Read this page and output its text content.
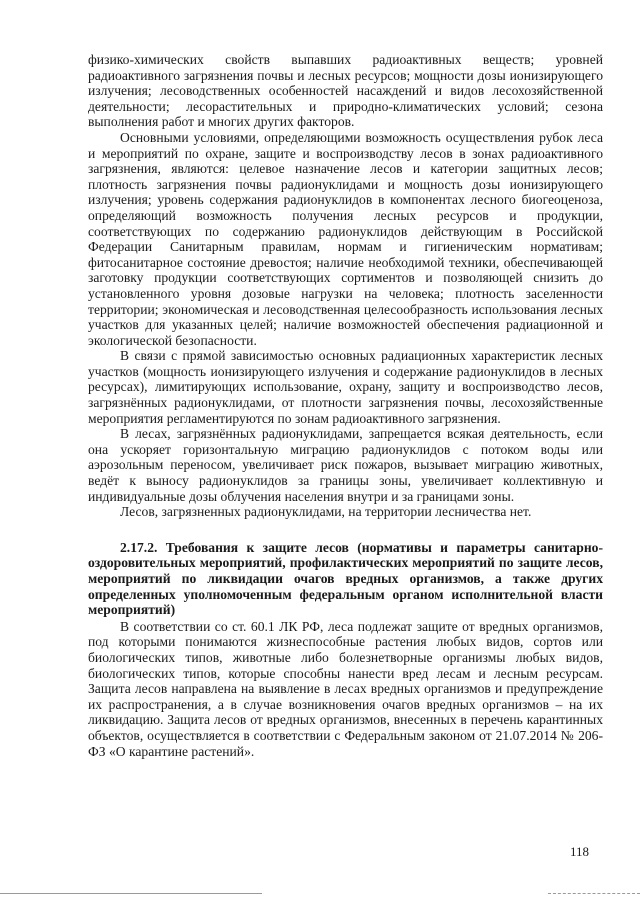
физико-химических свойств выпавших радиоактивных веществ; уровней радиоактивного загрязнения почвы и лесных ресурсов; мощности дозы ионизирующего излучения; лесоводственных особенностей насаждений и видов лесохозяйственной деятельности; лесорастительных и природно-климатических условий; сезона выполнения работ и многих других факторов.

Основными условиями, определяющими возможность осуществления рубок леса и мероприятий по охране, защите и воспроизводству лесов в зонах радиоактивного загрязнения, являются: целевое назначение лесов и категории защитных лесов; плотность загрязнения почвы радионуклидами и мощность дозы ионизирующего излучения; уровень содержания радионуклидов в компонентах лесного биогеоценоза, определяющий возможность получения лесных ресурсов и продукции, соответствующих по содержанию радионуклидов действующим в Российской Федерации Санитарным правилам, нормам и гигиеническим нормативам; фитосанитарное состояние древостоя; наличие необходимой техники, обеспечивающей заготовку продукции соответствующих сортиментов и позволяющей снизить до установленного уровня дозовые нагрузки на человека; плотность заселенности территории; экономическая и лесоводственная целесообразность использования лесных участков для указанных целей; наличие возможностей обеспечения радиационной и экологической безопасности.

В связи с прямой зависимостью основных радиационных характеристик лесных участков (мощность ионизирующего излучения и содержание радионуклидов в лесных ресурсах), лимитирующих использование, охрану, защиту и воспроизводство лесов, загрязнённых радионуклидами, от плотности загрязнения почвы, лесохозяйственные мероприятия регламентируются по зонам радиоактивного загрязнения.

В лесах, загрязнённых радионуклидами, запрещается всякая деятельность, если она ускоряет горизонтальную миграцию радионуклидов с потоком воды или аэрозольным переносом, увеличивает риск пожаров, вызывает миграцию животных, ведёт к выносу радионуклидов за границы зоны, увеличивает коллективную и индивидуальные дозы облучения населения внутри и за границами зоны.

Лесов, загрязненных радионуклидами, на территории лесничества нет.

2.17.2. Требования к защите лесов (нормативы и параметры санитарно-оздоровительных мероприятий, профилактических мероприятий по защите лесов, мероприятий по ликвидации очагов вредных организмов, а также других определенных уполномоченным федеральным органом исполнительной власти мероприятий)

В соответствии со ст. 60.1 ЛК РФ, леса подлежат защите от вредных организмов, под которыми понимаются жизнеспособные растения любых видов, сортов или биологических типов, животные либо болезнетворные организмы любых видов, биологических типов, которые способны нанести вред лесам и лесным ресурсам. Защита лесов направлена на выявление в лесах вредных организмов и предупреждение их распространения, а в случае возникновения очагов вредных организмов – на их ликвидацию. Защита лесов от вредных организмов, внесенных в перечень карантинных объектов, осуществляется в соответствии с Федеральным законом от 21.07.2014 № 206-ФЗ «О карантине растений».

118
